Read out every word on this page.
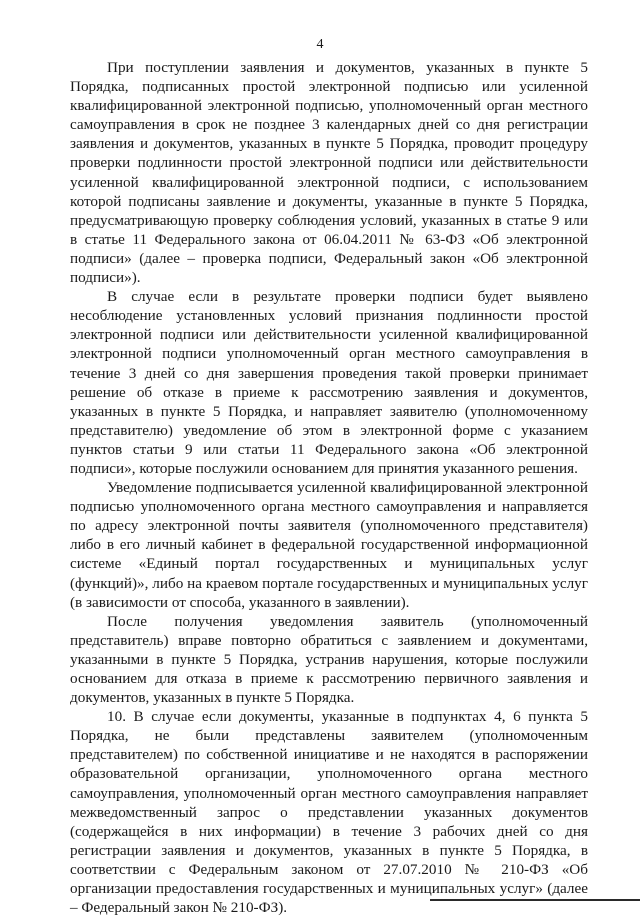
4

При поступлении заявления и документов, указанных в пункте 5 Порядка, подписанных простой электронной подписью или усиленной квалифицированной электронной подписью, уполномоченный орган местного самоуправления в срок не позднее 3 календарных дней со дня регистрации заявления и документов, указанных в пункте 5 Порядка, проводит процедуру проверки подлинности простой электронной подписи или действительности усиленной квалифицированной электронной подписи, с использованием которой подписаны заявление и документы, указанные в пункте 5 Порядка, предусматривающую проверку соблюдения условий, указанных в статье 9 или в статье 11 Федерального закона от 06.04.2011 № 63-ФЗ «Об электронной подписи» (далее – проверка подписи, Федеральный закон «Об электронной подписи»).

В случае если в результате проверки подписи будет выявлено несоблюдение установленных условий признания подлинности простой электронной подписи или действительности усиленной квалифицированной электронной подписи уполномоченный орган местного самоуправления в течение 3 дней со дня завершения проведения такой проверки принимает решение об отказе в приеме к рассмотрению заявления и документов, указанных в пункте 5 Порядка, и направляет заявителю (уполномоченному представителю) уведомление об этом в электронной форме с указанием пунктов статьи 9 или статьи 11 Федерального закона «Об электронной подписи», которые послужили основанием для принятия указанного решения.

Уведомление подписывается усиленной квалифицированной электронной подписью уполномоченного органа местного самоуправления и направляется по адресу электронной почты заявителя (уполномоченного представителя) либо в его личный кабинет в федеральной государственной информационной системе «Единый портал государственных и муниципальных услуг (функций)», либо на краевом портале государственных и муниципальных услуг (в зависимости от способа, указанного в заявлении).

После получения уведомления заявитель (уполномоченный представитель) вправе повторно обратиться с заявлением и документами, указанными в пункте 5 Порядка, устранив нарушения, которые послужили основанием для отказа в приеме к рассмотрению первичного заявления и документов, указанных в пункте 5 Порядка.

10. В случае если документы, указанные в подпунктах 4, 6 пункта 5 Порядка, не были представлены заявителем (уполномоченным представителем) по собственной инициативе и не находятся в распоряжении образовательной организации, уполномоченного органа местного самоуправления, уполномоченный орган местного самоуправления направляет межведомственный запрос о представлении указанных документов (содержащейся в них информации) в течение 3 рабочих дней со дня регистрации заявления и документов, указанных в пункте 5 Порядка, в соответствии с Федеральным законом от 27.07.2010 № 210-ФЗ «Об организации предоставления государственных и муниципальных услуг» (далее – Федеральный закон № 210-ФЗ).
